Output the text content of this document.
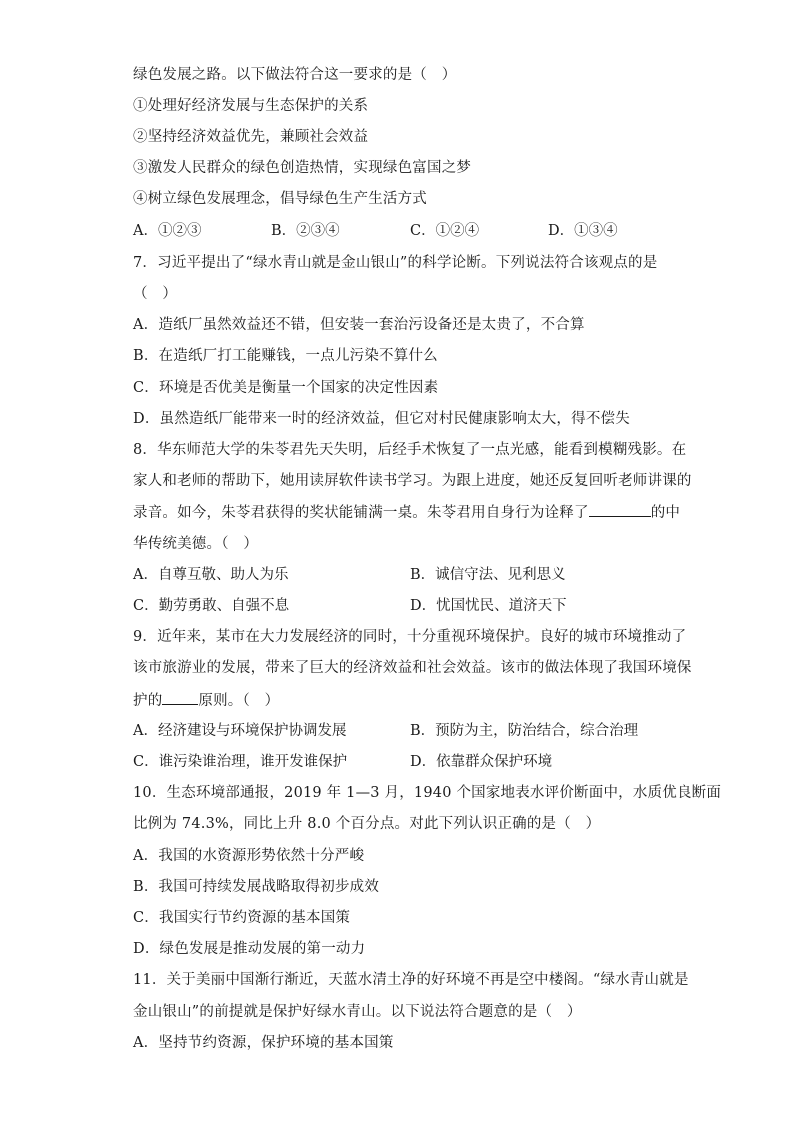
绿色发展之路。以下做法符合这一要求的是（　）
①处理好经济发展与生态保护的关系
②坚持经济效益优先，兼顾社会效益
③激发人民群众的绿色创造热情，实现绿色富国之梦
④树立绿色发展理念，倡导绿色生产生活方式
A．①②③	B．②③④	C．①②④	D．①③④
7．习近平提出了“绿水青山就是金山银山”的科学论断。下列说法符合该观点的是
（　）
A．造纸厂虽然效益还不错，但安装一套治污设备还是太贵了，不合算
B．在造纸厂打工能赚钱，一点儿污染不算什么
C．环境是否优美是衡量一个国家的决定性因素
D．虽然造纸厂能带来一时的经济效益，但它对村民健康影响太大，得不偿失
8．华东师范大学的朱苓君先天失明，后经手术恢复了一点光感，能看到模糊残影。在
家人和老师的帮助下，她用读屏软件读书学习。为跟上进度，她还反复回听老师讲课的
录音。如今，朱苓君获得的奖状能铺满一桌。朱苓君用自身行为诠释了	的中
华传统美德。（　）
A．自尊互敬、助人为乐	B．诚信守法、见利思义
C．勤劳勇敢、自强不息	D．忧国忧民、道济天下
9．近年来，某市在大力发展经济的同时，十分重视环境保护。良好的城市环境推动了
该市旅游业的发展，带来了巨大的经济效益和社会效益。该市的做法体现了我国环境保
护的 原则。（　）
A．经济建设与环境保护协调发展	B．预防为主，防治结合，综合治理
C．谁污染谁治理，谁开发谁保护	D．依靠群众保护环境
10．生态环境部通报，2019 年 1—3 月，1940 个国家地表水评价断面中，水质优良断面
比例为 74.3%，同比上升 8.0 个百分点。对此下列认识正确的是（　）
A．我国的水资源形势依然十分严峻
B．我国可持续发展战略取得初步成效
C．我国实行节约资源的基本国策
D．绿色发展是推动发展的第一动力
11．关于美丽中国渐行渐近，天蓝水清土净的好环境不再是空中楼阁。“绿水青山就是
金山银山”的前提就是保护好绿水青山。以下说法符合题意的是（　）
A．坚持节约资源，保护环境的基本国策
